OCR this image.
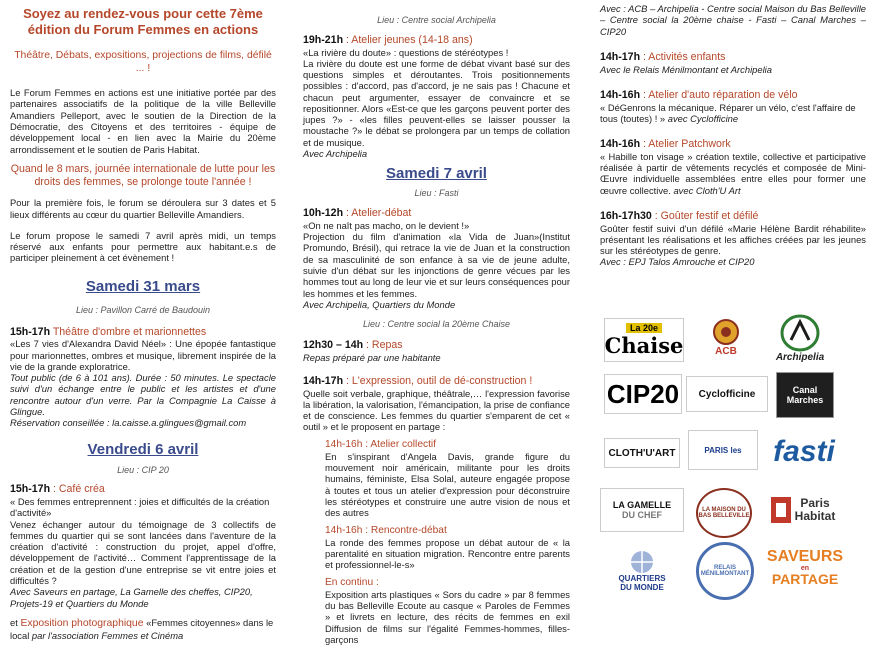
Soyez au rendez-vous pour cette 7ème édition du Forum Femmes en actions

Théâtre, Débats, expositions, projections de films, défilé ... !

Le Forum Femmes en actions est une initiative portée par des partenaires associatifs de la politique de la ville Belleville Amandiers Pelleport, avec le soutien de la Direction de la Démocratie, des Citoyens et des territoires - équipe de développement local - en lien avec la Mairie du 20ème arrondissement et le soutien de Paris Habitat.

Quand le 8 mars, journée internationale de lutte pour les droits des femmes, se prolonge toute l'année !

Pour la première fois, le forum se déroulera sur 3 dates et 5 lieux différents au cœur du quartier Belleville Amandiers.

Le forum propose le samedi 7 avril après midi, un temps réservé aux enfants pour permettre aux habitant.e.s de participer pleinement à cet évènement !

Samedi 31 mars

Lieu : Pavillon Carré de Baudouin

15h-17h Théâtre d'ombre et marionnettes

«Les 7 vies d'Alexandra David Néel» : Une épopée fantastique pour marionnettes, ombres et musique, librement inspirée de la vie de la grande exploratrice.

Tout public (de 6 à 101 ans). Durée : 50 minutes. Le spectacle suivi d'un échange entre le public et les artistes et d'une rencontre autour d'un verre. Par la Compagnie La Caisse à Glingue.

Réservation conseillée : la.caisse.a.glingues@gmail.com

Vendredi 6 avril

Lieu : CIP 20

15h-17h : Café créa

« Des femmes entreprennent : joies et difficultés de la création d'activité»

Venez échanger autour du témoignage de 3 collectifs de femmes du quartier qui se sont lancées dans l'aventure de la création d'activité : construction du projet, appel d'offre, développement de l'activité… Comment l'apprentissage de la création et de la gestion d'une entreprise se vit entre joies et difficultés ?

Avec Saveurs en partage, La Gamelle des cheffes, CIP20, Projets-19 et Quartiers du Monde

et Exposition photographique «Femmes citoyennes» dans le local par l'association Femmes et Cinéma

Lieu : Centre social Archipelia

19h-21h : Atelier jeunes (14-18 ans)

«La rivière du doute» : questions de stéréotypes !

La rivière du doute est une forme de débat vivant basé sur des questions simples et déroutantes. Trois positionnements possibles : d'accord, pas d'accord, je ne sais pas ! Chacune et chacun peut argumenter, essayer de convaincre et se repositionner. Alors «Est-ce que les garçons peuvent porter des jupes ?» - «les filles peuvent-elles se laisser pousser la moustache ?» le débat se prolongera par un temps de collation et de musique.

Avec Archipelia

Samedi 7 avril

Lieu : Fasti

10h-12h : Atelier-débat

«On ne naît pas macho, on le devient !»

Projection du film d'animation «la Vida de Juan»(Institut Promundo, Brésil), qui retrace la vie de Juan et la construction de sa masculinité de son enfance à sa vie de jeune adulte, suivie d'un débat sur les injonctions de genre vécues par les hommes tout au long de leur vie et sur leurs conséquences pour les hommes et les femmes.

Avec Archipelia, Quartiers du Monde

Lieu : Centre social la 20ème Chaise

12h30 – 14h : Repas

Repas préparé par une habitante

14h-17h : L'expression, outil de dé-construction !

Quelle soit verbale, graphique, théâtrale,… l'expression favorise la libération, la valorisation, l'émancipation, la prise de confiance et de conscience. Les femmes du quartier s'emparent de cet « outil » et le proposent en partage :

14h-16h : Atelier collectif

En s'inspirant d'Angela Davis, grande figure du mouvement noir américain, militante pour les droits humains, féministe, Elsa Solal, auteure engagée propose à toutes et tous un atelier d'expression pour déconstruire les stéréotypes et construire une autre vision de nous et des autres

14h-16h : Rencontre-débat

La ronde des femmes propose un débat autour de « la parentalité en situation migration. Rencontre entre parents et professionnel-le-s»

En continu :

Exposition arts plastiques « Sors du cadre » par 8 femmes du bas Belleville Ecoute au casque « Paroles de Femmes » et livrets en lecture, des récits de femmes en exil Diffusion de films sur l'égalité Femmes-hommes, filles-garçons

Avec : ACB – Archipelia - Centre social Maison du Bas Belleville – Centre social la 20ème chaise - Fasti – Canal Marches – CIP20

14h-17h : Activités enfants

Avec le Relais Ménilmontant et Archipelia

14h-16h : Atelier d'auto réparation de vélo

« DéGenrons la mécanique. Réparer un vélo, c'est l'affaire de tous (toutes) ! » avec Cyclofficine

14h-16h : Atelier Patchwork

« Habille ton visage » création textile, collective et participative réalisée à partir de vêtements recyclés et composée de Mini-Œuvre individuelle assemblées entre elles pour former une œuvre collective. avec Cloth'U Art

16h-17h30 : Goûter festif et défilé

Goûter festif suivi d'un défilé «Marie Hélène Bardit réhabilite» présentant les réalisations et les affiches créées par les jeunes sur les stéréotypes de genre.

Avec : EPJ Talos Amrouche et CIP20

La 20e
Chaise	ACB
Archipelia
CIP20	Cyclofficine	Canal
Marches
CLOTH'U'ART	PARIS les	fasti
LA GAMELLE
DU CHEF	LA MAISON DU BAS BELLEVILLE
Paris
Habitat
QUARTIERS
DU MONDE
RELAIS MÉNILMONTANT
SAVEURS
en
PARTAGE
